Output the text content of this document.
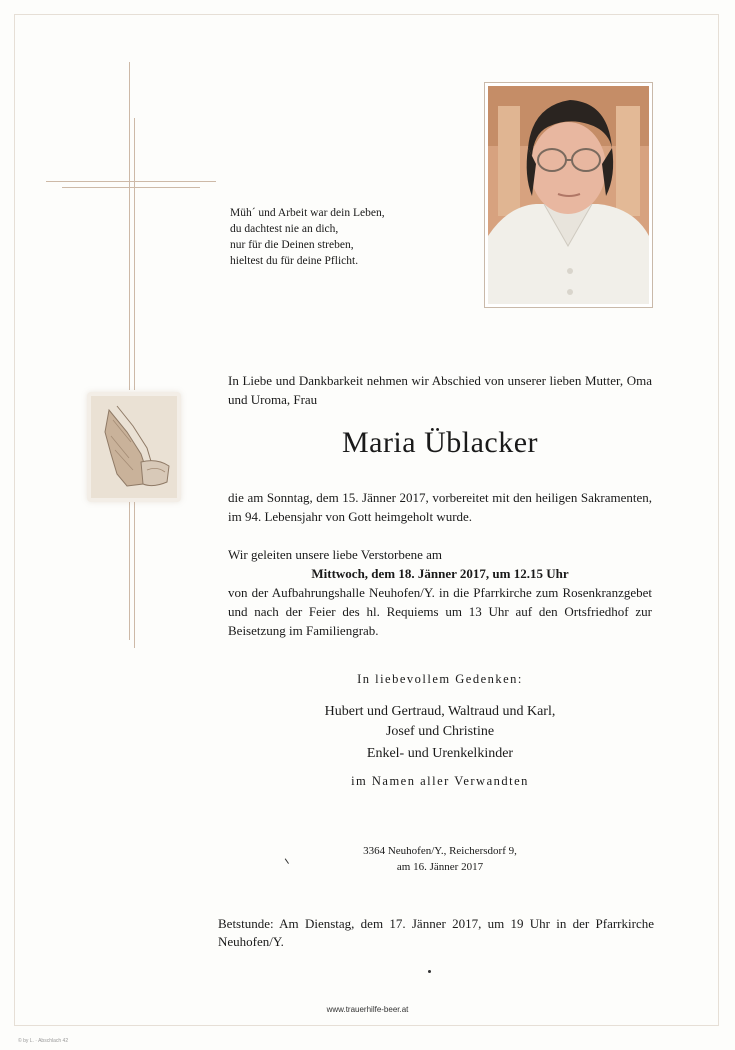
Müh´ und Arbeit war dein Leben,
du dachtest nie an dich,
nur für die Deinen streben,
hieltest du für deine Pflicht.
In Liebe und Dankbarkeit nehmen wir Abschied von unserer lieben Mutter, Oma und Uroma, Frau
Maria Üblacker
die am Sonntag, dem 15. Jänner 2017, vorbereitet mit den heiligen Sakramenten, im 94. Lebensjahr von Gott heimgeholt wurde.
Wir geleiten unsere liebe Verstorbene am
Mittwoch, dem 18. Jänner 2017, um 12.15 Uhr
von der Aufbahrungshalle Neuhofen/Y. in die Pfarrkirche zum Rosenkranzgebet und nach der Feier des hl. Requiems um 13 Uhr auf den Ortsfriedhof zur Beisetzung im Familiengrab.
In liebevollem Gedenken:
Hubert und Gertraud, Waltraud und Karl,
Josef und Christine
Enkel- und Urenkelkinder
im Namen aller Verwandten
3364 Neuhofen/Y., Reichersdorf 9,
am 16. Jänner 2017
Betstunde: Am Dienstag, dem 17. Jänner 2017, um 19 Uhr in der Pfarrkirche Neuhofen/Y.
www.trauerhilfe-beer.at
© by L. · Abschlach 42
